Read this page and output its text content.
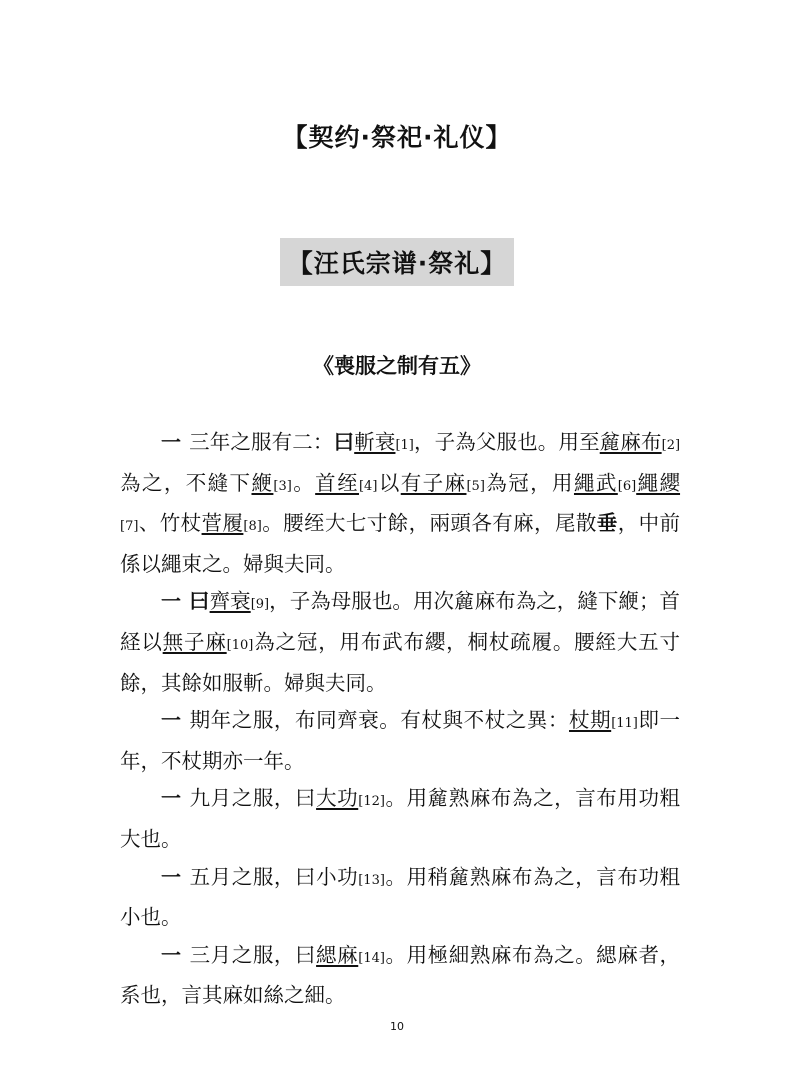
【契约·祭祀·礼仪】
【汪氏宗谱·祭礼】
《喪服之制有五》

一 三年之服有二：曰斬衰[1]，子為父服也。用至麄麻布[2]為之，不縫下緶[3]。首绖[4]以有子麻[5]為冠，用繩武[6]繩纓[7]、竹杖菅履[8]。腰绖大七寸餘，兩頭各有麻，尾散垂，中前係以繩束之。婦與夫同。

一 曰齊衰[9]，子為母服也。用次麄麻布為之，縫下緶；首経以無子麻[10]為之冠，用布武布纓，桐杖疏履。腰絰大五寸餘，其餘如服斬。婦與夫同。

一 期年之服，布同齊衰。有杖與不杖之異：杖期[11]即一年，不杖期亦一年。

一 九月之服，曰大功[12]。用麄熟麻布為之，言布用功粗大也。

一 五月之服，曰小功[13]。用稍麄熟麻布為之，言布功粗小也。

一 三月之服，曰緦麻[14]。用極細熟麻布為之。緦麻者，系也，言其麻如絲之細。

10
